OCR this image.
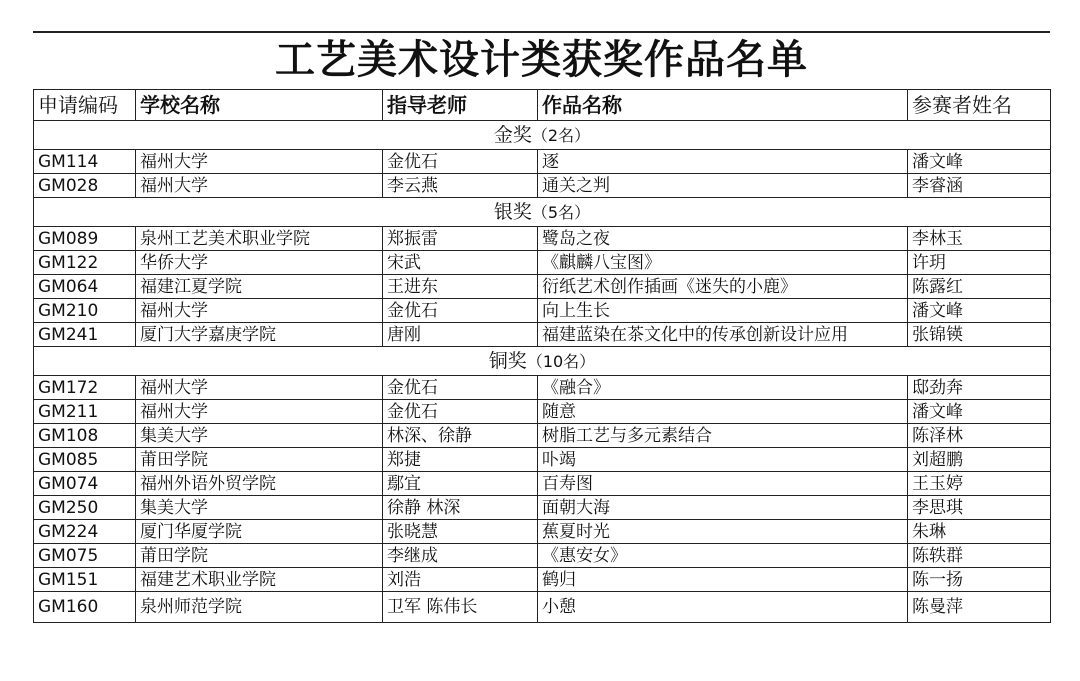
工艺美术设计类获奖作品名单
申请编码	学校名称	指导老师	作品名称	参赛者姓名
金奖（2名）				
GM114	福州大学	金优石	逐	潘文峰
GM028	福州大学	李云燕	通关之判	李睿涵
银奖（5名）				
GM089	泉州工艺美术职业学院	郑振雷	鹭岛之夜	李林玉
GM122	华侨大学	宋武	《麒麟八宝图》	许玥
GM064	福建江夏学院	王进东	衍纸艺术创作插画《迷失的小鹿》	陈露红
GM210	福州大学	金优石	向上生长	潘文峰
GM241	厦门大学嘉庚学院	唐刚	福建蓝染在茶文化中的传承创新设计应用	张锦锳
铜奖（10名）				
GM172	福州大学	金优石	《融合》	邸劲奔
GM211	福州大学	金优石	随意	潘文峰
GM108	集美大学	林深、徐静	树脂工艺与多元素结合	陈泽林
GM085	莆田学院	郑捷	卟竭	刘超鹏
GM074	福州外语外贸学院	鄢宜	百寿图	王玉婷
GM250	集美大学	徐静 林深	面朝大海	李思琪
GM224	厦门华厦学院	张晓慧	蕉夏时光	朱琳
GM075	莆田学院	李继成	《惠安女》	陈轶群
GM151	福建艺术职业学院	刘浩	鹤归	陈一扬
GM160	泉州师范学院	卫军 陈伟长	小憩	陈曼萍
